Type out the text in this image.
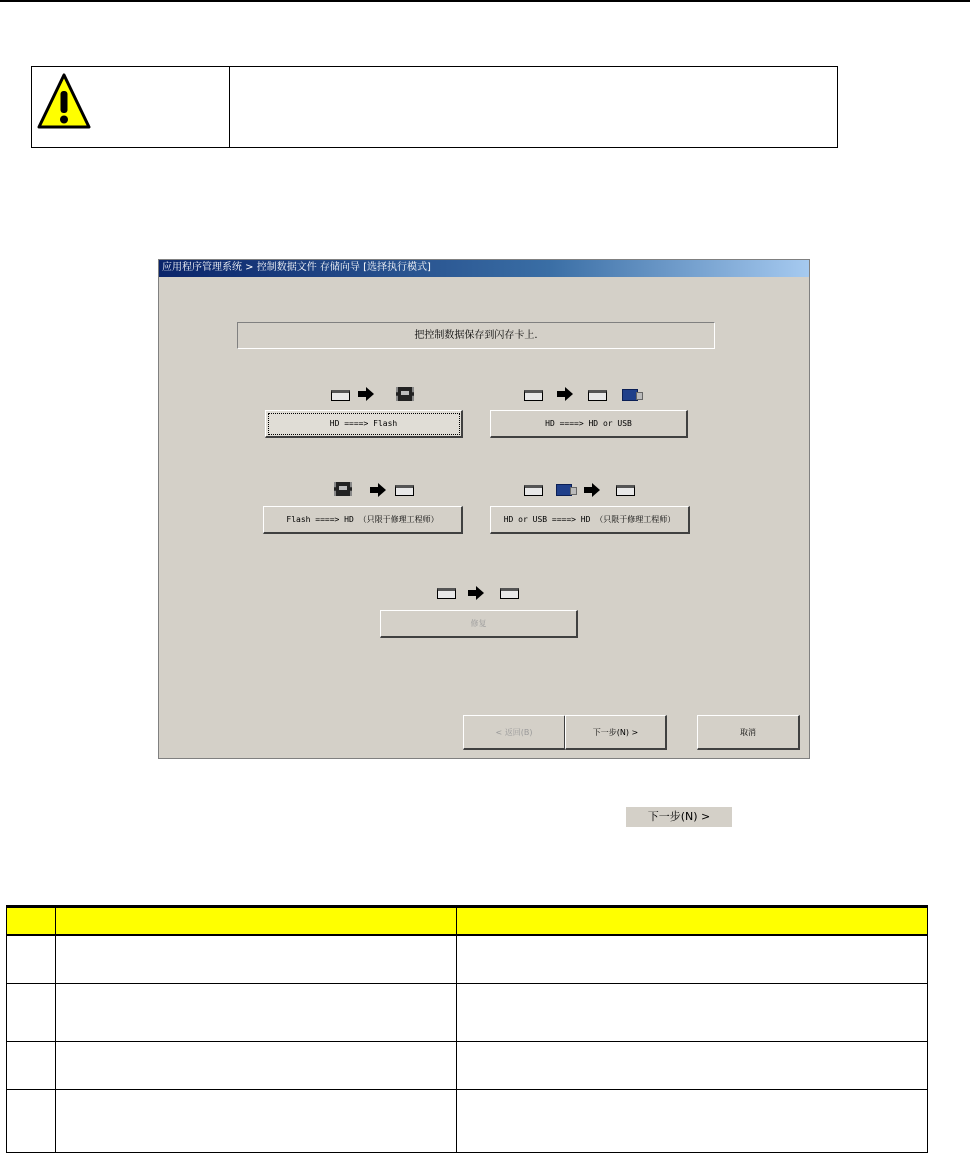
应用程序管理系统 > 控制数据文件 存储向导 [选择执行模式]
把控制数据保存到闪存卡上.
HD ====> Flash	HD ====> HD or USB
Flash ====> HD （只限于修理工程师）	HD or USB ====> HD （只限于修理工程师）
修复
< 返回(B)	下一步(N) >	取消
下一步(N) >
